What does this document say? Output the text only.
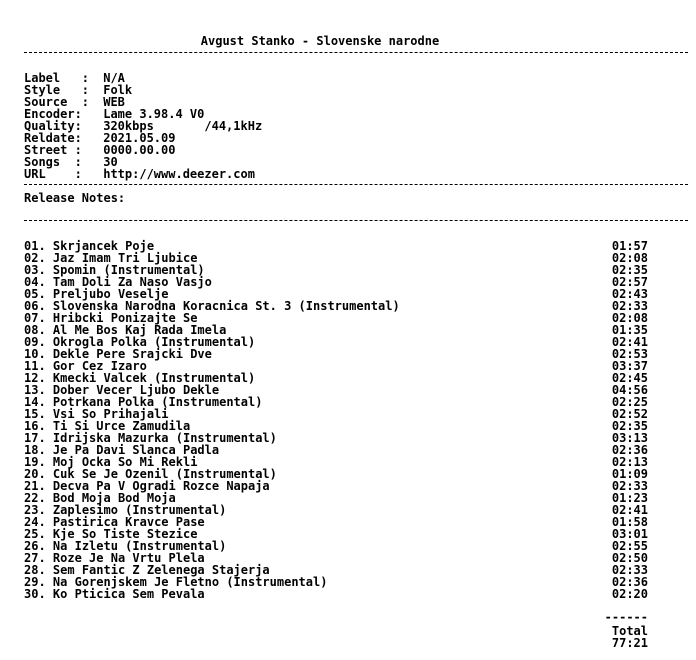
Avgust Stanko - Slovenske narodne
Label   : N/A
Style   : Folk
Source  : WEB
Encoder: Lame 3.98.4 V0
Quality: 320kbps       /44,1kHz
Reldate: 2021.05.09
Street : 0000.00.00
Songs  : 30
URL    : http://www.deezer.com
Release Notes:
01. Skrjancek Poje	01:57
02. Jaz Imam Tri Ljubice	02:08
03. Spomin (Instrumental)	02:35
04. Tam Doli Za Naso Vasjo	02:57
05. Preljubo Veselje	02:43
06. Slovenska Narodna Koracnica St. 3 (Instrumental)	02:33
07. Hribcki Ponizajte Se	02:08
08. Al Me Bos Kaj Rada Imela	01:35
09. Okrogla Polka (Instrumental)	02:41
10. Dekle Pere Srajcki Dve	02:53
11. Gor Cez Izaro	03:37
12. Kmecki Valcek (Instrumental)	02:45
13. Dober Vecer Ljubo Dekle	04:56
14. Potrkana Polka (Instrumental)	02:25
15. Vsi So Prihajali	02:52
16. Ti Si Urce Zamudila	02:35
17. Idrijska Mazurka (Instrumental)	03:13
18. Je Pa Davi Slanca Padla	02:36
19. Moj Ocka So Mi Rekli	02:13
20. Cuk Se Je Ozenil (Instrumental)	01:09
21. Decva Pa V Ogradi Rozce Napaja	02:33
22. Bod Moja Bod Moja	01:23
23. Zaplesimo (Instrumental)	02:41
24. Pastirica Kravce Pase	01:58
25. Kje So Tiste Stezice	03:01
26. Na Izletu (Instrumental)	02:55
27. Roze Je Na Vrtu Plela	02:50
28. Sem Fantic Z Zelenega Stajerja	02:33
29. Na Gorenjskem Je Fletno (Instrumental)	02:36
30. Ko Pticica Sem Pevala	02:20
------
Total
77:21
